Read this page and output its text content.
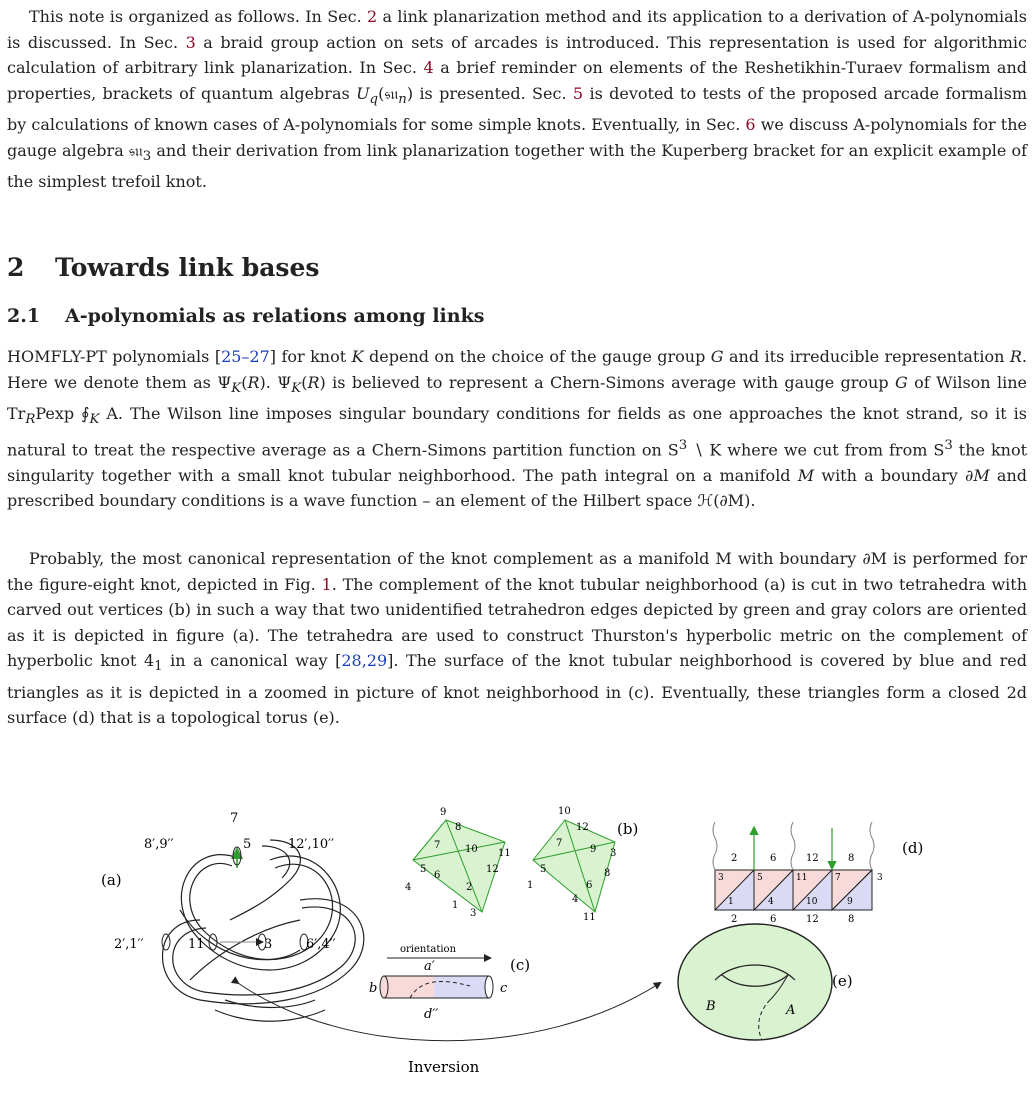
This note is organized as follows. In Sec. 2 a link planarization method and its application to a derivation of A-polynomials is discussed. In Sec. 3 a braid group action on sets of arcades is introduced. This representation is used for algorithmic calculation of arbitrary link planarization. In Sec. 4 a brief reminder on elements of the Reshetikhin-Turaev formalism and properties, brackets of quantum algebras $U_q(𝔰𝔲_n)$ is presented. Sec. 5 is devoted to tests of the proposed arcade formalism by calculations of known cases of A-polynomials for some simple knots. Eventually, in Sec. 6 we discuss A-polynomials for the gauge algebra 𝔰𝔲$_3$ and their derivation from link planarization together with the Kuperberg bracket for an explicit example of the simplest trefoil knot.

2 Towards link bases
2.1 A-polynomials as relations among links

HOMFLY-PT polynomials [25–27] for knot K depend on the choice of the gauge group G and its irreducible representation R. Here we denote them as $\Psi_K(R)$. $\Psi_K(R)$ is believed to represent a Chern-Simons average with gauge group G of Wilson line $Tr_RPexp$ $∮_K$ A. The Wilson line imposes singular boundary conditions for fields as one approaches the knot strand, so it is natural to treat the respective average as a Chern-Simons partition function on $S^3$ ∖ K where we cut from from $S^3$ the knot singularity together with a small knot tubular neighborhood. The path integral on a manifold M with a boundary ∂M and prescribed boundary conditions is a wave function – an element of the Hilbert space ℋ(∂M).

Probably, the most canonical representation of the knot complement as a manifold M with boundary ∂M is performed for the figure-eight knot, depicted in Fig. 1. The complement of the knot tubular neighborhood (a) is cut in two tetrahedra with carved out vertices (b) in such a way that two unidentified tetrahedron edges depicted by green and gray colors are oriented as it is depicted in figure (a). The tetrahedra are used to construct Thurston's hyperbolic metric on the complement of hyperbolic knot $4_1$ in a canonical way [28,29]. The surface of the knot tubular neighborhood is covered by blue and red triangles as it is depicted in a zoomed in picture of knot neighborhood in (c). Eventually, these triangles form a closed 2d surface (d) that is a topological torus (e).

(a)
8′,9′′	12′,10′′
2′,1′′	6′,4′′
7
5
11	3
9
8
7 10 11
5
6
12
4	2
1
3
10
12
9 3
7
1
5	8
6
4
11
(b)
orientation
a′
b	c
d′′
(c)
2	6	12	8
2	6	12	8
3
1
5
4
11
10
7
9
3
(d)
B	A
(e)
Inversion
